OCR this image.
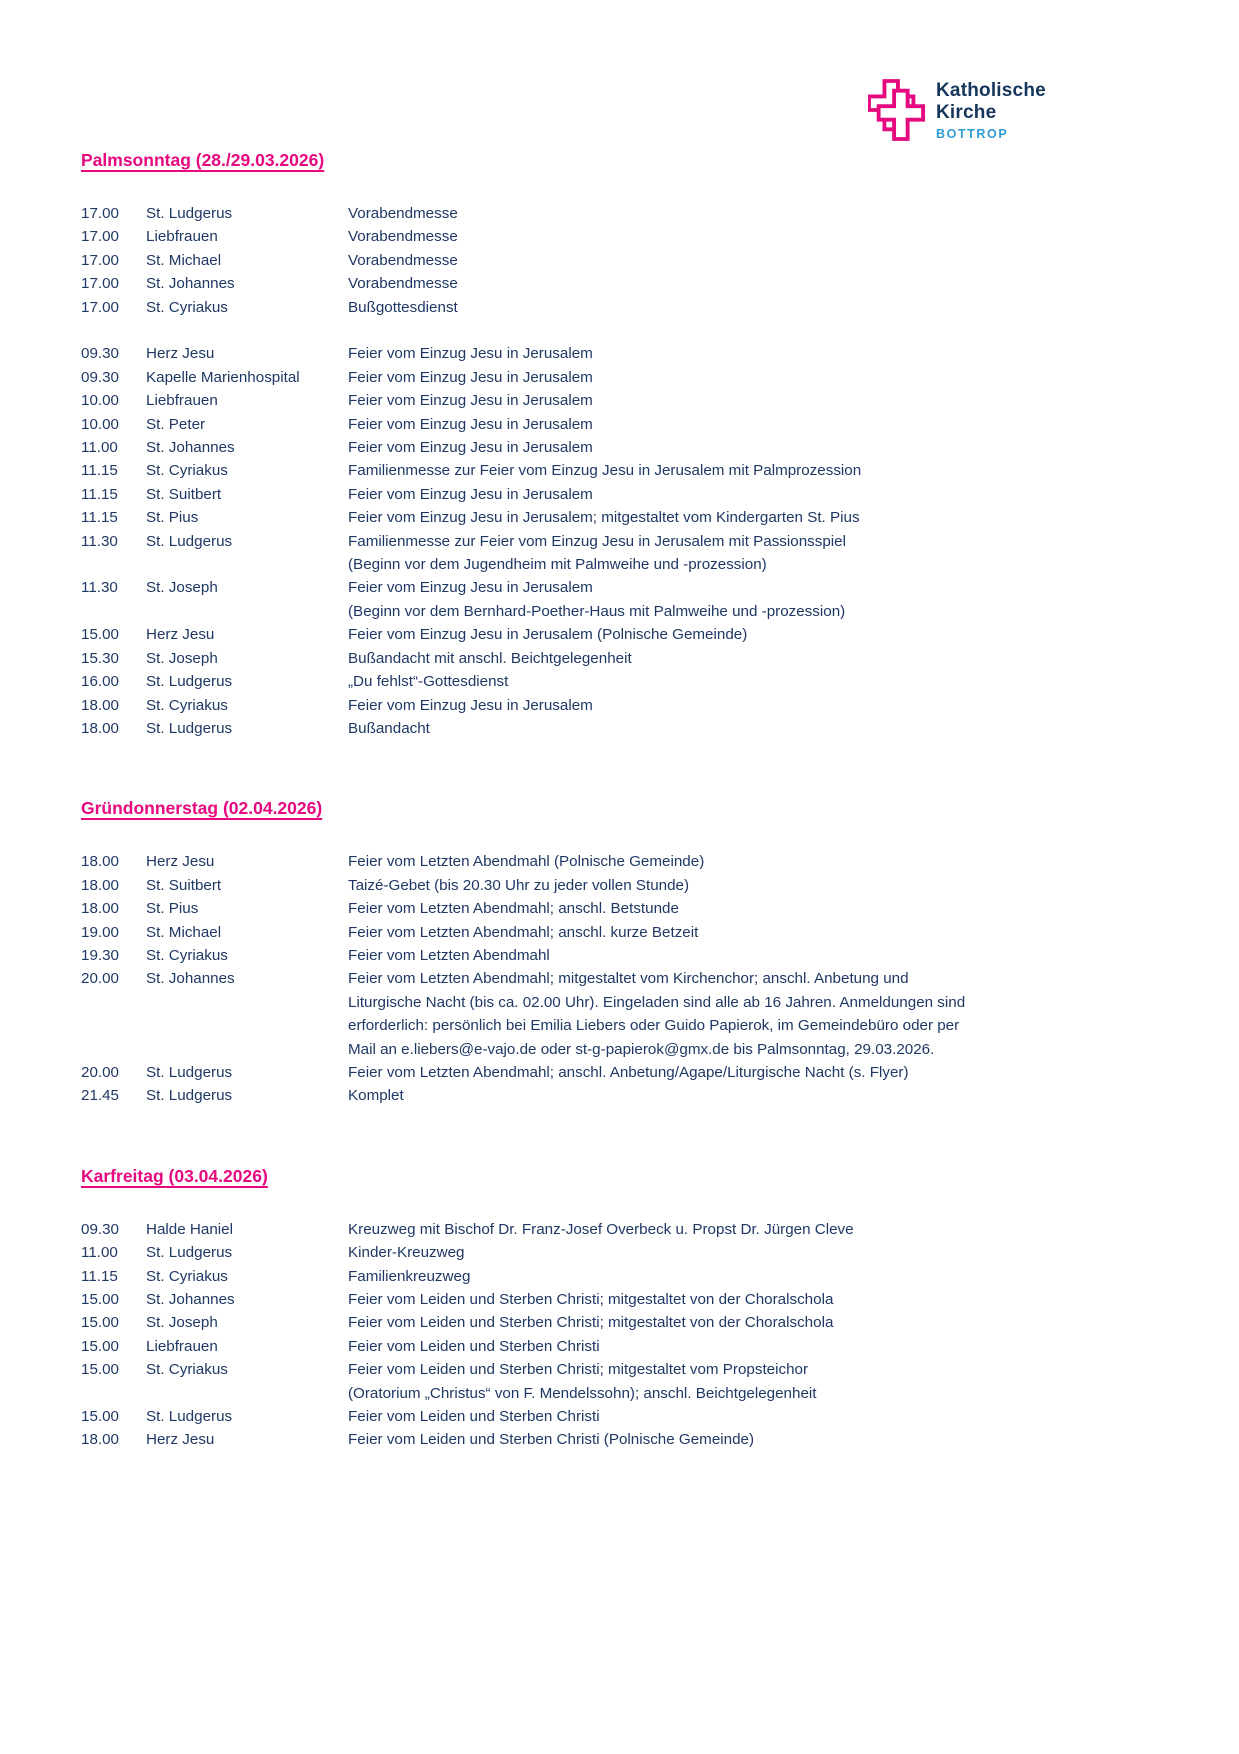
Katholische
Kirche
BOTTROP
Palmsonntag (28./29.03.2026)
17.00	St. Ludgerus	Vorabendmesse
17.00	Liebfrauen	Vorabendmesse
17.00	St. Michael	Vorabendmesse
17.00	St. Johannes	Vorabendmesse
17.00	St. Cyriakus	Bußgottesdienst
09.30	Herz Jesu	Feier vom Einzug Jesu in Jerusalem
09.30	Kapelle Marienhospital	Feier vom Einzug Jesu in Jerusalem
10.00	Liebfrauen	Feier vom Einzug Jesu in Jerusalem
10.00	St. Peter	Feier vom Einzug Jesu in Jerusalem
11.00	St. Johannes	Feier vom Einzug Jesu in Jerusalem
11.15	St. Cyriakus	Familienmesse zur Feier vom Einzug Jesu in Jerusalem mit Palmprozession
11.15	St. Suitbert	Feier vom Einzug Jesu in Jerusalem
11.15	St. Pius	Feier vom Einzug Jesu in Jerusalem; mitgestaltet vom Kindergarten St. Pius
11.30	St. Ludgerus	Familienmesse zur Feier vom Einzug Jesu in Jerusalem mit Passionsspiel
(Beginn vor dem Jugendheim mit Palmweihe und -prozession)
11.30	St. Joseph	Feier vom Einzug Jesu in Jerusalem
(Beginn vor dem Bernhard-Poether-Haus mit Palmweihe und -prozession)
15.00	Herz Jesu	Feier vom Einzug Jesu in Jerusalem (Polnische Gemeinde)
15.30	St. Joseph	Bußandacht mit anschl. Beichtgelegenheit
16.00	St. Ludgerus	„Du fehlst“-Gottesdienst
18.00	St. Cyriakus	Feier vom Einzug Jesu in Jerusalem
18.00	St. Ludgerus	Bußandacht
Gründonnerstag (02.04.2026)
18.00	Herz Jesu	Feier vom Letzten Abendmahl (Polnische Gemeinde)
18.00	St. Suitbert	Taizé-Gebet (bis 20.30 Uhr zu jeder vollen Stunde)
18.00	St. Pius	Feier vom Letzten Abendmahl; anschl. Betstunde
19.00	St. Michael	Feier vom Letzten Abendmahl; anschl. kurze Betzeit
19.30	St. Cyriakus	Feier vom Letzten Abendmahl
20.00	St. Johannes	Feier vom Letzten Abendmahl; mitgestaltet vom Kirchenchor; anschl. Anbetung und
Liturgische Nacht (bis ca. 02.00 Uhr). Eingeladen sind alle ab 16 Jahren. Anmeldungen sind
erforderlich: persönlich bei Emilia Liebers oder Guido Papierok, im Gemeindebüro oder per
Mail an e.liebers@e-vajo.de oder st-g-papierok@gmx.de bis Palmsonntag, 29.03.2026.
20.00	St. Ludgerus	Feier vom Letzten Abendmahl; anschl. Anbetung/Agape/Liturgische Nacht (s. Flyer)
21.45	St. Ludgerus	Komplet
Karfreitag (03.04.2026)
09.30	Halde Haniel	Kreuzweg mit Bischof Dr. Franz-Josef Overbeck u. Propst Dr. Jürgen Cleve
11.00	St. Ludgerus	Kinder-Kreuzweg
11.15	St. Cyriakus	Familienkreuzweg
15.00	St. Johannes	Feier vom Leiden und Sterben Christi; mitgestaltet von der Choralschola
15.00	St. Joseph	Feier vom Leiden und Sterben Christi; mitgestaltet von der Choralschola
15.00	Liebfrauen	Feier vom Leiden und Sterben Christi
15.00	St. Cyriakus	Feier vom Leiden und Sterben Christi; mitgestaltet vom Propsteichor
(Oratorium „Christus“ von F. Mendelssohn); anschl. Beichtgelegenheit
15.00	St. Ludgerus	Feier vom Leiden und Sterben Christi
18.00	Herz Jesu	Feier vom Leiden und Sterben Christi (Polnische Gemeinde)
